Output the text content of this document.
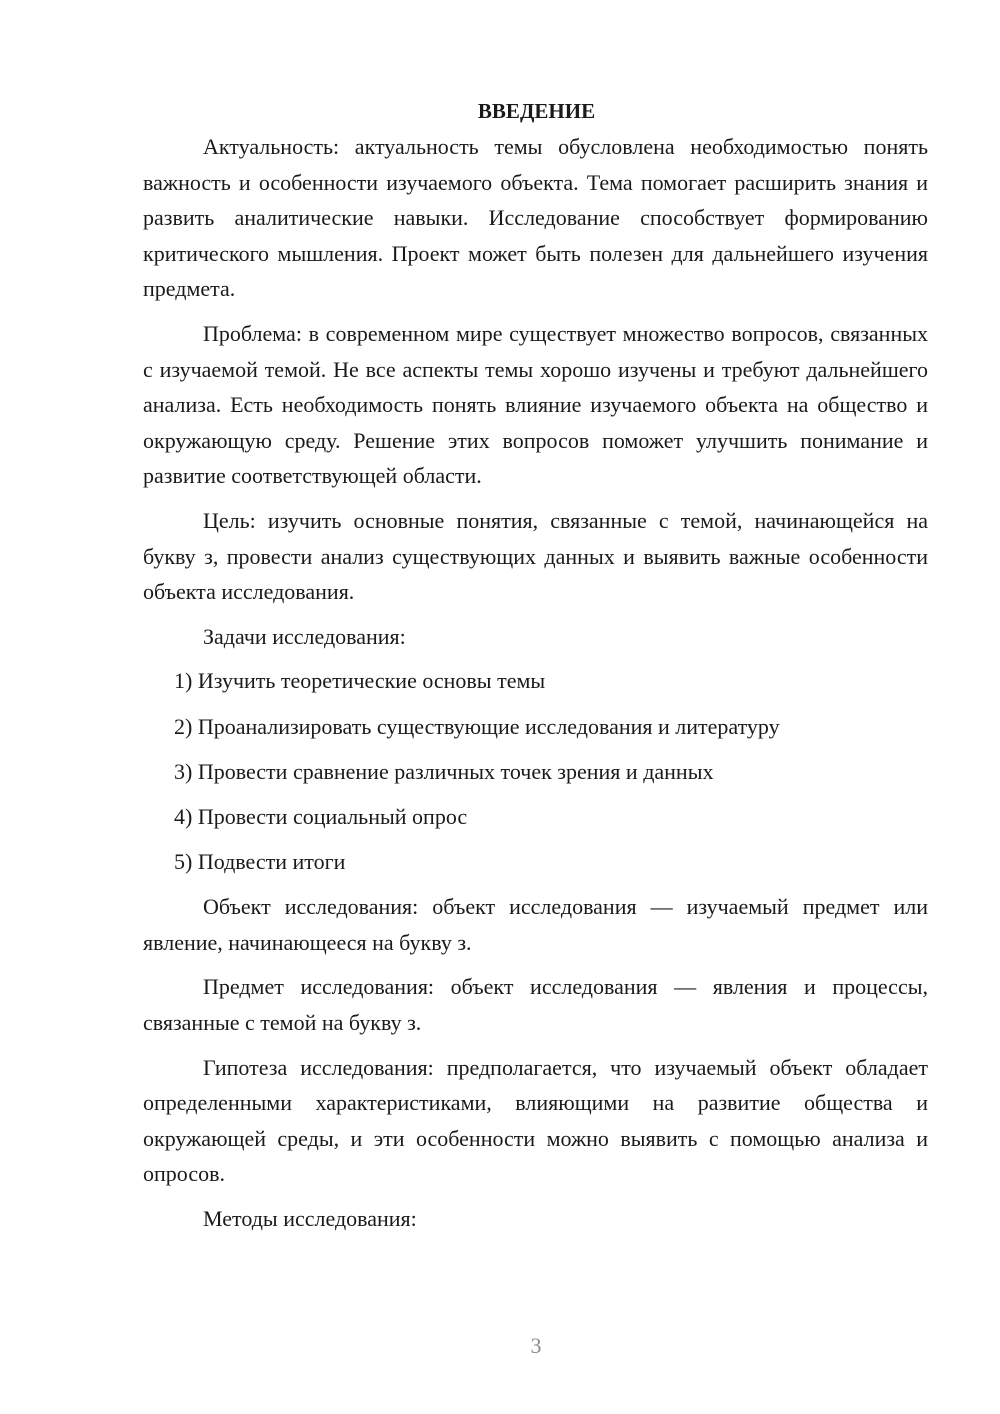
ВВЕДЕНИЕ

Актуальность: актуальность темы обусловлена необходимостью понять важность и особенности изучаемого объекта. Тема помогает расширить знания и развить аналитические навыки. Исследование способствует формированию критического мышления. Проект может быть полезен для дальнейшего изучения предмета.

Проблема: в современном мире существует множество вопросов, связанных с изучаемой темой. Не все аспекты темы хорошо изучены и требуют дальнейшего анализа. Есть необходимость понять влияние изучаемого объекта на общество и окружающую среду. Решение этих вопросов поможет улучшить понимание и развитие соответствующей области.

Цель: изучить основные понятия, связанные с темой, начинающейся на букву з, провести анализ существующих данных и выявить важные особенности объекта исследования.

Задачи исследования:

1) Изучить теоретические основы темы
2) Проанализировать существующие исследования и литературу
3) Провести сравнение различных точек зрения и данных
4) Провести социальный опрос
5) Подвести итоги

Объект исследования: объект исследования — изучаемый предмет или явление, начинающееся на букву з.

Предмет исследования: объект исследования — явления и процессы, связанные с темой на букву з.

Гипотеза исследования: предполагается, что изучаемый объект обладает определенными характеристиками, влияющими на развитие общества и окружающей среды, и эти особенности можно выявить с помощью анализа и опросов.

Методы исследования:

3
